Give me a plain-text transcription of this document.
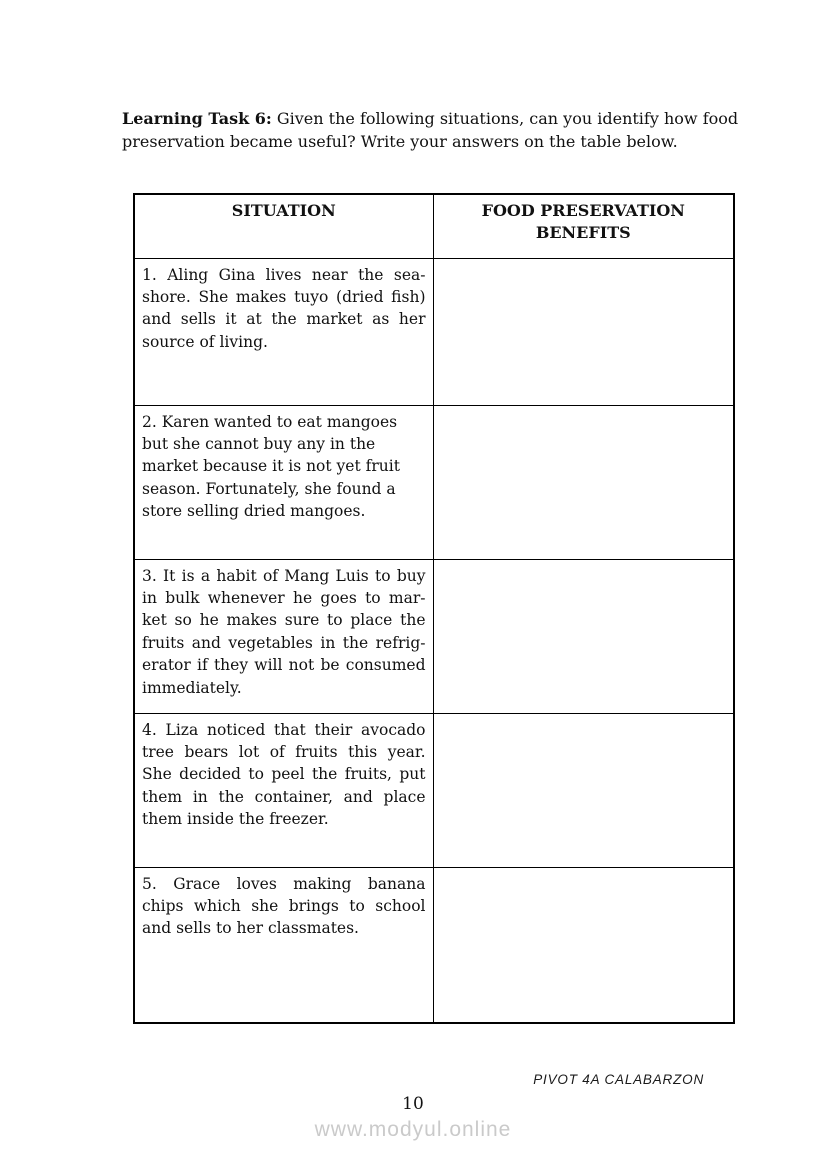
Learning Task 6: Given the following situations, can you identify how food
preservation became useful? Write your answers on the table below.
SITUATION	FOOD PRESERVATION BENEFITS

1. Aling Gina lives near the sea-
shore. She makes tuyo (dried fish)
and sells it at the market as her
source of living.	

2. Karen wanted to eat mangoes
but she cannot buy any in the
market because it is not yet fruit
season. Fortunately, she found a
store selling dried mangoes.	

3. It is a habit of Mang Luis to buy
in bulk whenever he goes to mar-
ket so he makes sure to place the
fruits and vegetables in the refrig-
erator if they will not be consumed
immediately.

4. Liza noticed that their avocado
tree bears lot of fruits this year.
She decided to peel the fruits, put
them in the container, and place
them inside the freezer.	

5. Grace loves making banana
chips which she brings to school
and sells to her classmates.	

PIVOT 4A CALABARZON
10
www.modyul.online
